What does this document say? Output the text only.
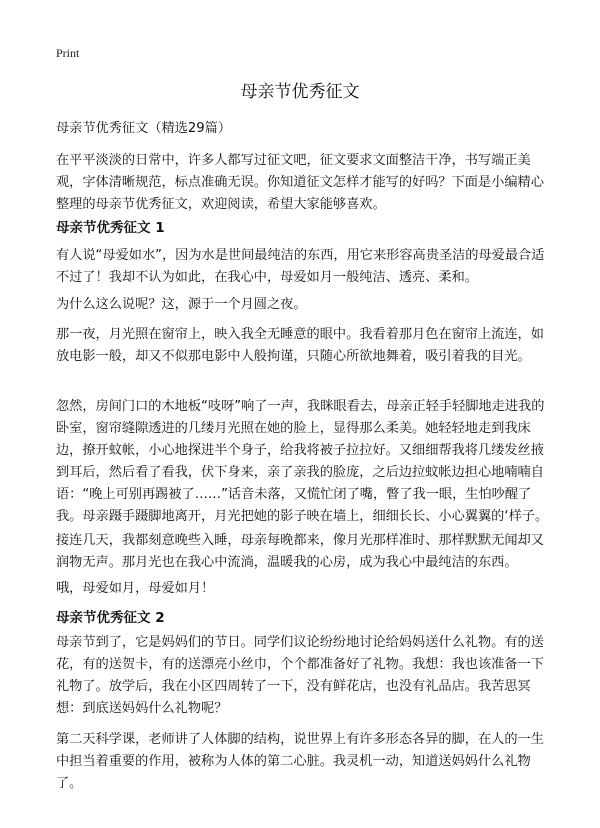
Print
母亲节优秀征文

母亲节优秀征文（精选29篇）

在平平淡淡的日常中，许多人都写过征文吧，征文要求文面整洁干净，书写端正美观，字体清晰规范，标点准确无误。你知道征文怎样才能写的好吗？下面是小编精心整理的母亲节优秀征文，欢迎阅读，希望大家能够喜欢。

母亲节优秀征文 1

有人说“母爱如水”，因为水是世间最纯洁的东西，用它来形容高贵圣洁的母爱最合适不过了！我却不认为如此，在我心中，母爱如月一般纯洁、透亮、柔和。

为什么这么说呢？这，源于一个月圆之夜。

那一夜，月光照在窗帘上，映入我全无睡意的眼中。我看着那月色在窗帘上流连，如放电影一般，却又不似那电影中人般拘谨，只随心所欲地舞着，吸引着我的目光。

忽然，房间门口的木地板“吱呀”响了一声，我眯眼看去，母亲正轻手轻脚地走进我的卧室，窗帘缝隙透进的几缕月光照在她的脸上，显得那么柔美。她轻轻地走到我床边，撩开蚊帐，小心地探进半个身子，给我将被子拉拉好。又细细帮我将几缕发丝掖到耳后，然后看了看我，伏下身来，亲了亲我的脸庞，之后边拉蚊帐边担心地喃喃自语：“晚上可别再踢被了……”话音未落，又慌忙闭了嘴，瞥了我一眼，生怕吵醒了我。母亲蹑手蹑脚地离开，月光把她的影子映在墙上，细细长长、小心翼翼的‘样子。

接连几天，我都刻意晚些入睡，母亲每晚都来，像月光那样准时、那样默默无闻却又润物无声。那月光也在我心中流淌，温暖我的心房，成为我心中最纯洁的东西。

哦，母爱如月，母爱如月！

母亲节优秀征文 2

母亲节到了，它是妈妈们的节日。同学们议论纷纷地讨论给妈妈送什么礼物。有的送花，有的送贺卡，有的送漂亮小丝巾，个个都准备好了礼物。我想：我也该准备一下礼物了。放学后，我在小区四周转了一下，没有鲜花店，也没有礼品店。我苦思冥想：到底送妈妈什么礼物呢？

第二天科学课，老师讲了人体脚的结构，说世界上有许多形态各异的脚，在人的一生中担当着重要的作用，被称为人体的第二心脏。我灵机一动，知道送妈妈什么礼物了。
